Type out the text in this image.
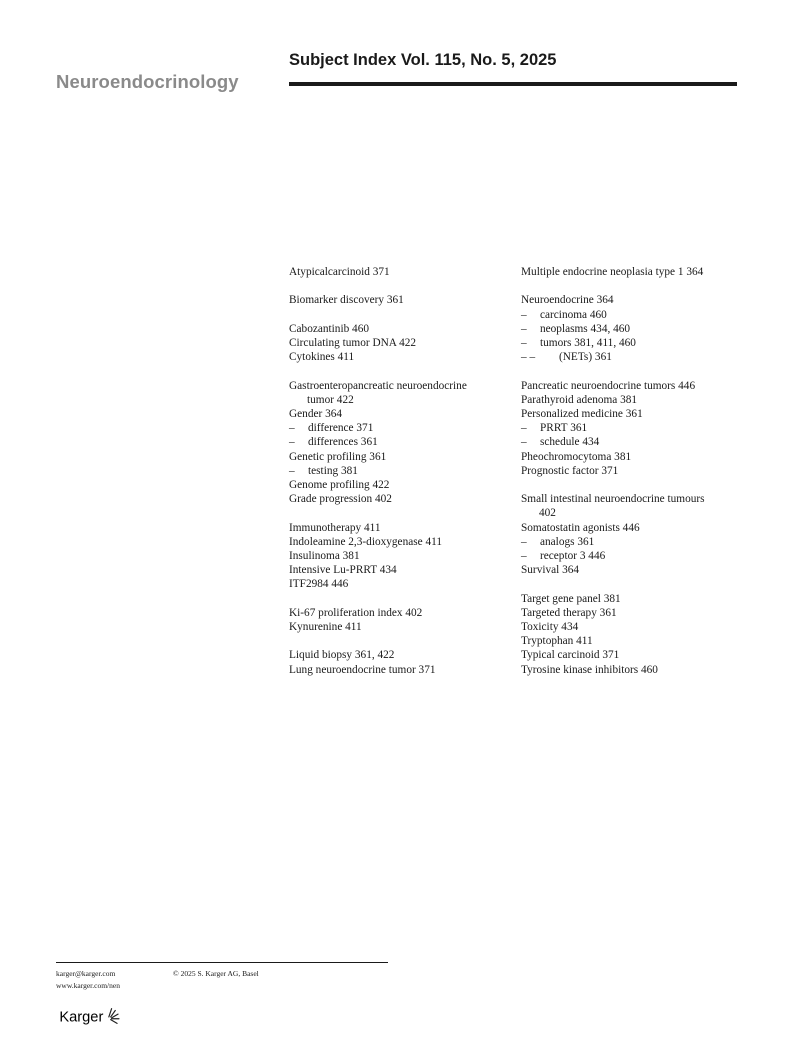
Neuroendocrinology
Subject Index Vol. 115, No. 5, 2025
Atypicalcarcinoid 371
Biomarker discovery 361
Cabozantinib 460
Circulating tumor DNA 422
Cytokines 411
Gastroenteropancreatic neuroendocrine
tumor 422
Gender 364
– difference 371
– differences 361
Genetic profiling 361
– testing 381
Genome profiling 422
Grade progression 402
Immunotherapy 411
Indoleamine 2,3-dioxygenase 411
Insulinoma 381
Intensive Lu-PRRT 434
ITF2984 446
Ki-67 proliferation index 402
Kynurenine 411
Liquid biopsy 361, 422
Lung neuroendocrine tumor 371
Multiple endocrine neoplasia type 1 364
Neuroendocrine 364
– carcinoma 460
– neoplasms 434, 460
– tumors 381, 411, 460
– – (NETs) 361
Pancreatic neuroendocrine tumors 446
Parathyroid adenoma 381
Personalized medicine 361
– PRRT 361
– schedule 434
Pheochromocytoma 381
Prognostic factor 371
Small intestinal neuroendocrine tumours
402
Somatostatin agonists 446
– analogs 361
– receptor 3 446
Survival 364
Target gene panel 381
Targeted therapy 361
Toxicity 434
Tryptophan 411
Typical carcinoid 371
Tyrosine kinase inhibitors 460
karger@karger.com
www.karger.com/nen
© 2025 S. Karger AG, Basel
Karger
